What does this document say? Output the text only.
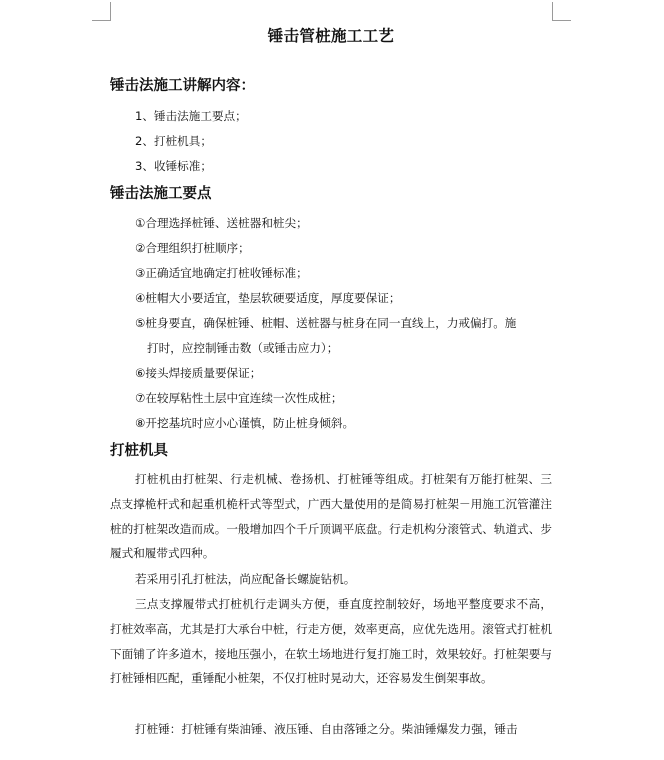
锤击管桩施工工艺
锤击法施工讲解内容：
1、锤击法施工要点；
2、打桩机具；
3、收锤标准；
锤击法施工要点
①合理选择桩锤、送桩器和桩尖；
②合理组织打桩顺序；
③正确适宜地确定打桩收锤标准；
④桩帽大小要适宜，垫层软硬要适度，厚度要保证；
⑤桩身要直，确保桩锤、桩帽、送桩器与桩身在同一直线上，力戒偏打。施
打时，应控制锤击数（或锤击应力）；
⑥接头焊接质量要保证；
⑦在较厚粘性土层中宜连续一次性成桩；
⑧开挖基坑时应小心谨慎，防止桩身倾斜。
打桩机具

打桩机由打桩架、行走机械、卷扬机、打桩锤等组成。打桩架有万能打桩架、三点支撑桅杆式和起重机桅杆式等型式，广西大量使用的是简易打桩架－用施工沉管灌注桩的打桩架改造而成。一般增加四个千斤顶调平底盘。行走机构分滚管式、轨道式、步履式和履带式四种。

若采用引孔打桩法，尚应配备长螺旋钻机。

三点支撑履带式打桩机行走调头方便，垂直度控制较好，场地平整度要求不高，打桩效率高，尤其是打大承台中桩，行走方便，效率更高，应优先选用。滚管式打桩机下面铺了许多道木，接地压强小，在软土场地进行复打施工时，效果较好。打桩架要与打桩锤相匹配，重锤配小桩架，不仅打桩时晃动大，还容易发生倒架事故。

打桩锤：打桩锤有柴油锤、液压锤、自由落锤之分。柴油锤爆发力强，锤击
